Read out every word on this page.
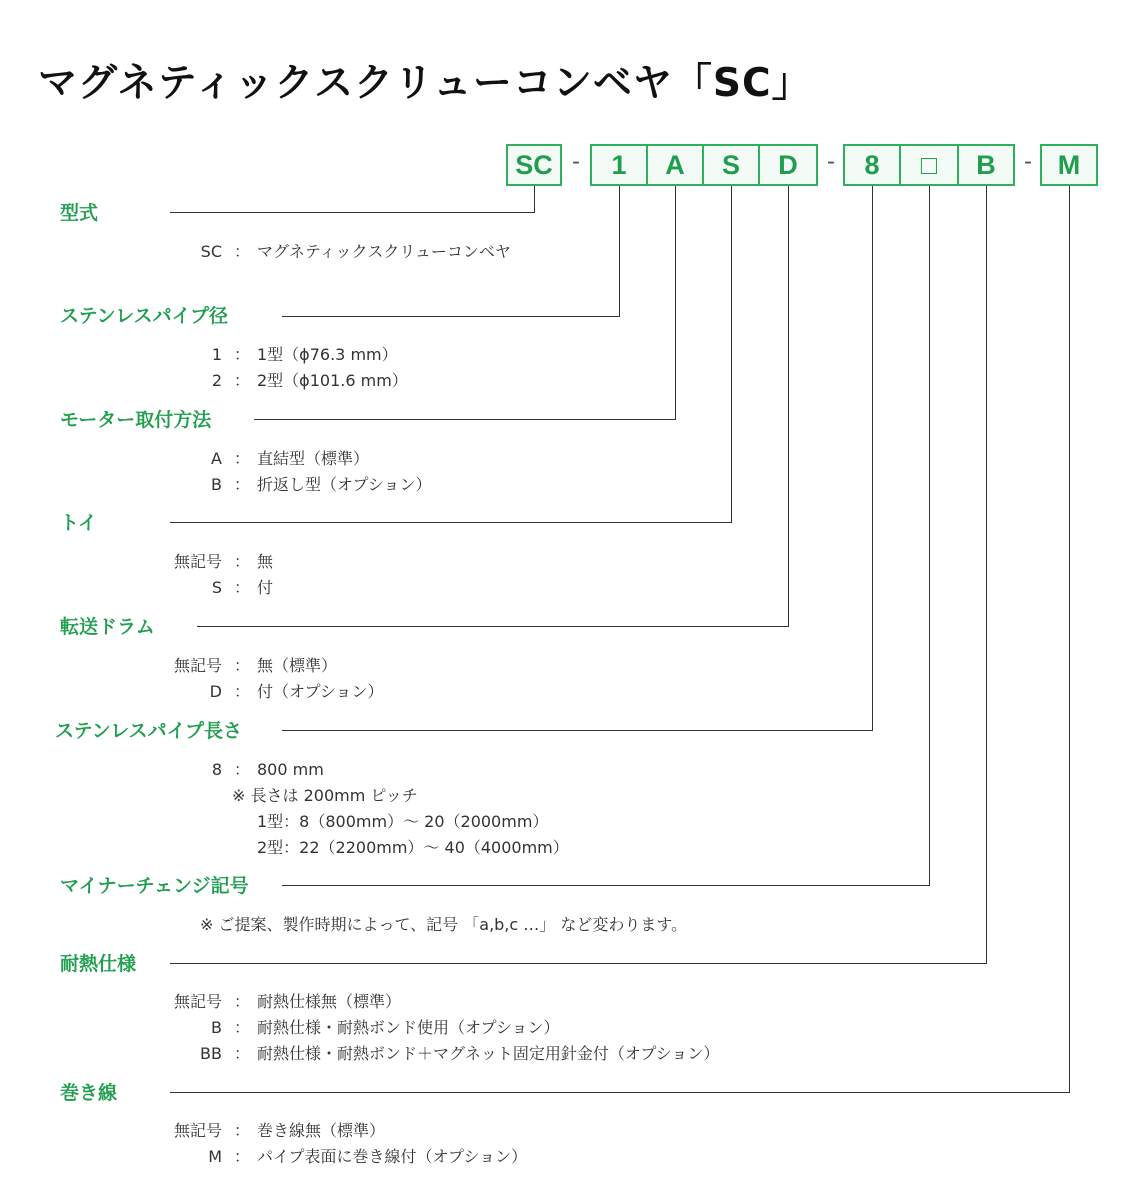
マグネティックスクリューコンベヤ「SC」
SC -	1	A	S	D	-	8	□	B	- M
型式
SC ： マグネティックスクリューコンベヤ
ステンレスパイプ径
1 ： 1型（ϕ76.3 mm）
2 ： 2型（ϕ101.6 mm）
モーター取付方法
A ： 直結型（標準）
B ： 折返し型（オプション）
トイ
無記号 ： 無
S ： 付
転送ドラム
無記号 ： 無（標準）
D ： 付（オプション）
ステンレスパイプ長さ
8 ： 800 mm
※ 長さは 200mm ピッチ
1型：8（800mm）～ 20（2000mm）
2型：22（2200mm）～ 40（4000mm）
マイナーチェンジ記号
※ ご提案、製作時期によって、記号 「a,b,c …」 など変わります。
耐熱仕様
無記号 ： 耐熱仕様無（標準）
B ： 耐熱仕様・耐熱ボンド使用（オプション）
BB ： 耐熱仕様・耐熱ボンド＋マグネット固定用針金付（オプション）
巻き線
無記号 ： 巻き線無（標準）
M ： パイプ表面に巻き線付（オプション）
